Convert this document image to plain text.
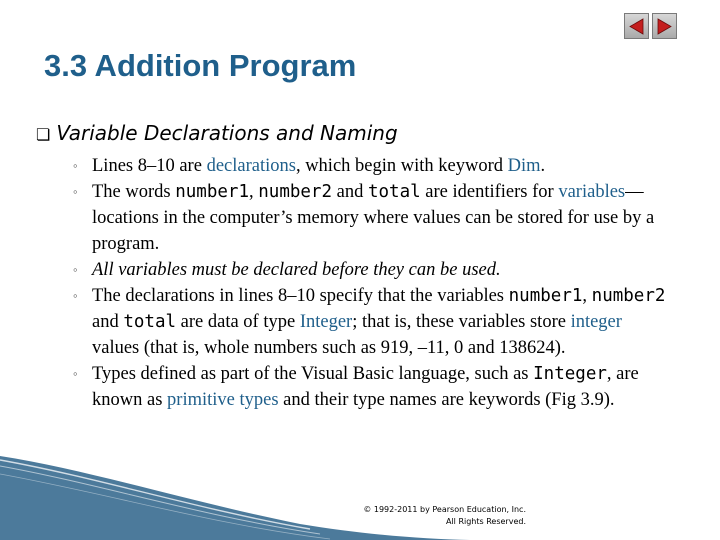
3.3 Addition Program
❏ Variable Declarations and Naming
◦ Lines 8–10 are declarations, which begin with keyword Dim.
◦ The words number1, number2 and total are identifiers for variables—locations in the computer’s memory where values can be stored for use by a program.
◦ All variables must be declared before they can be used.
◦ The declarations in lines 8–10 specify that the variables number1, number2 and total are data of type Integer; that is, these variables store integer values (that is, whole numbers such as 919, –11, 0 and 138624).
◦ Types defined as part of the Visual Basic language, such as Integer, are known as primitive types and their type names are keywords (Fig 3.9).
© 1992-2011 by Pearson Education, Inc.
All Rights Reserved.
